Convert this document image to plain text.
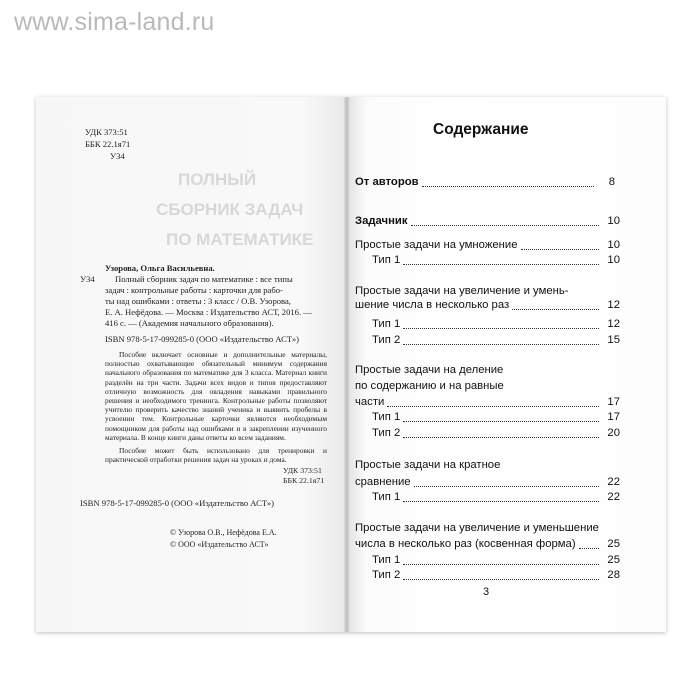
www.sima-land.ru
ПОЛНЫЙ
СБОРНИК ЗАДАЧ
ПО МАТЕМАТИКЕ
УДК 373:51
ББК 22.1я71
У34
Узорова, Ольга Васильевна.
У34 Полный сборник задач по математике : все типы
задач : контрольные работы : карточки для рабо-
ты над ошибками : ответы : 3 класс / О.В. Узорова,
Е. А. Нефёдова. — Москва : Издательство АСТ, 2016. —
416 с. — (Академия начального образования).
ISBN 978-5-17-099285-0 (ООО «Издательство АСТ»)
Пособие включает основные и дополнительные материалы, полностью охватывающие обязательный минимум содержания начального образования по математике для 3 класса. Материал книги разделён на три части. Задачи всех видов и типов предоставляют отличную возможность для овладения навыками правильного решения и необходимого тренинга. Контрольные работы позволяют учителю проверить качество знаний ученика и выявить пробелы в усвоении тем. Контрольные карточки являются необходимым помощником для работы над ошибками и в закреплении изученного материала. В конце книги даны ответы ко всем заданиям.
Пособие может быть использовано для тренировки и практической отработки решения задач на уроках и дома.
УДК 373:51
ББК 22.1я71
ISBN 978-5-17-099285-0 (ООО «Издательство АСТ»)
© Узорова О.В., Нефёдова Е.А.
© ООО «Издательство АСТ»
Содержание
От авторов	8
Задачник	10
Простые задачи на умножение	10
Тип 1	10
Простые задачи на увеличение и умень-
шение числа в несколько раз	12
Тип 1	12
Тип 2	15
Простые задачи на деление
по содержанию и на равные
части	17
Тип 1	17
Тип 2	20
Простые задачи на кратное
сравнение	22
Тип 1	22
Простые задачи на увеличение и уменьшение
числа в несколько раз (косвенная форма)	25
Тип 1	25
Тип 2	28
3
